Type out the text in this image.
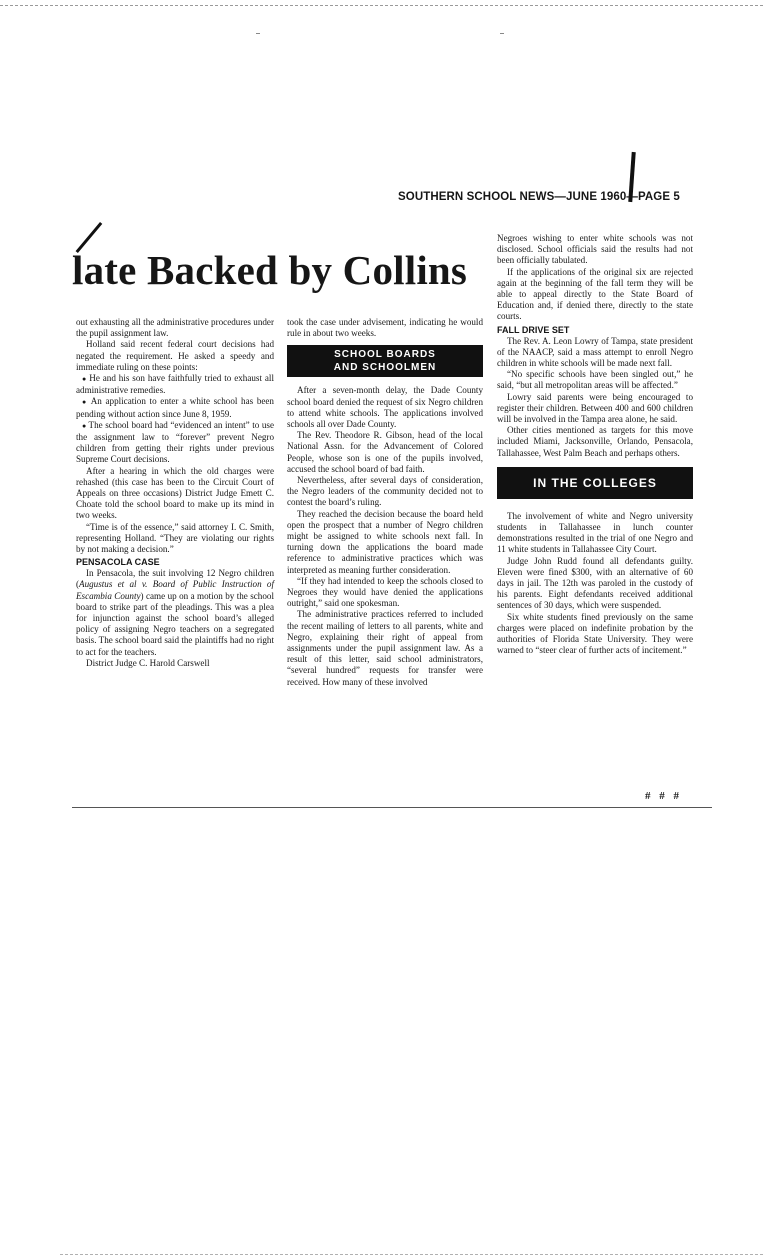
SOUTHERN SCHOOL NEWS—JUNE 1960—PAGE 5
late Backed by Collins

out exhausting all the administrative procedures under the pupil assignment law.

Holland said recent federal court decisions had negated the requirement. He asked a speedy and immediate ruling on these points:

● He and his son have faithfully tried to exhaust all administrative remedies.

● An application to enter a white school has been pending without action since June 8, 1959.

● The school board had “evidenced an intent” to use the assignment law to “forever” prevent Negro children from getting their rights under previous Supreme Court decisions.

After a hearing in which the old charges were rehashed (this case has been to the Circuit Court of Appeals on three occasions) District Judge Emett C. Choate told the school board to make up its mind in two weeks.

“Time is of the essence,” said attorney I. C. Smith, representing Holland. “They are violating our rights by not making a decision.”

PENSACOLA CASE

In Pensacola, the suit involving 12 Negro children (Augustus et al v. Board of Public Instruction of Escambia County) came up on a motion by the school board to strike part of the pleadings. This was a plea for injunction against the school board’s alleged policy of assigning Negro teachers on a segregated basis. The school board said the plaintiffs had no right to act for the teachers.

District Judge C. Harold Carswell

took the case under advisement, indicating he would rule in about two weeks.

SCHOOL BOARDS
AND SCHOOLMEN

After a seven-month delay, the Dade County school board denied the request of six Negro children to attend white schools. The applications involved schools all over Dade County.

The Rev. Theodore R. Gibson, head of the local National Assn. for the Advancement of Colored People, whose son is one of the pupils involved, accused the school board of bad faith.

Nevertheless, after several days of consideration, the Negro leaders of the community decided not to contest the board’s ruling.

They reached the decision because the board held open the prospect that a number of Negro children might be assigned to white schools next fall. In turning down the applications the board made reference to administrative practices which was interpreted as meaning further consideration.

“If they had intended to keep the schools closed to Negroes they would have denied the applications outright,” said one spokesman.

The administrative practices referred to included the recent mailing of letters to all parents, white and Negro, explaining their right of appeal from assignments under the pupil assignment law. As a result of this letter, said school administrators, “several hundred” requests for transfer were received. How many of these involved

Negroes wishing to enter white schools was not disclosed. School officials said the results had not been officially tabulated.

If the applications of the original six are rejected again at the beginning of the fall term they will be able to appeal directly to the State Board of Education and, if denied there, directly to the state courts.

FALL DRIVE SET

The Rev. A. Leon Lowry of Tampa, state president of the NAACP, said a mass attempt to enroll Negro children in white schools will be made next fall.

“No specific schools have been singled out,” he said, “but all metropolitan areas will be affected.”

Lowry said parents were being encouraged to register their children. Between 400 and 600 children will be involved in the Tampa area alone, he said.

Other cities mentioned as targets for this move included Miami, Jacksonville, Orlando, Pensacola, Tallahassee, West Palm Beach and perhaps others.

IN THE COLLEGES

The involvement of white and Negro university students in Tallahassee in lunch counter demonstrations resulted in the trial of one Negro and 11 white students in Tallahassee City Court.

Judge John Rudd found all defendants guilty. Eleven were fined $300, with an alternative of 60 days in jail. The 12th was paroled in the custody of his parents. Eight defendants received additional sentences of 30 days, which were suspended.

Six white students fined previously on the same charges were placed on indefinite probation by the authorities of Florida State University. They were warned to “steer clear of further acts of incitement.”

# # #
